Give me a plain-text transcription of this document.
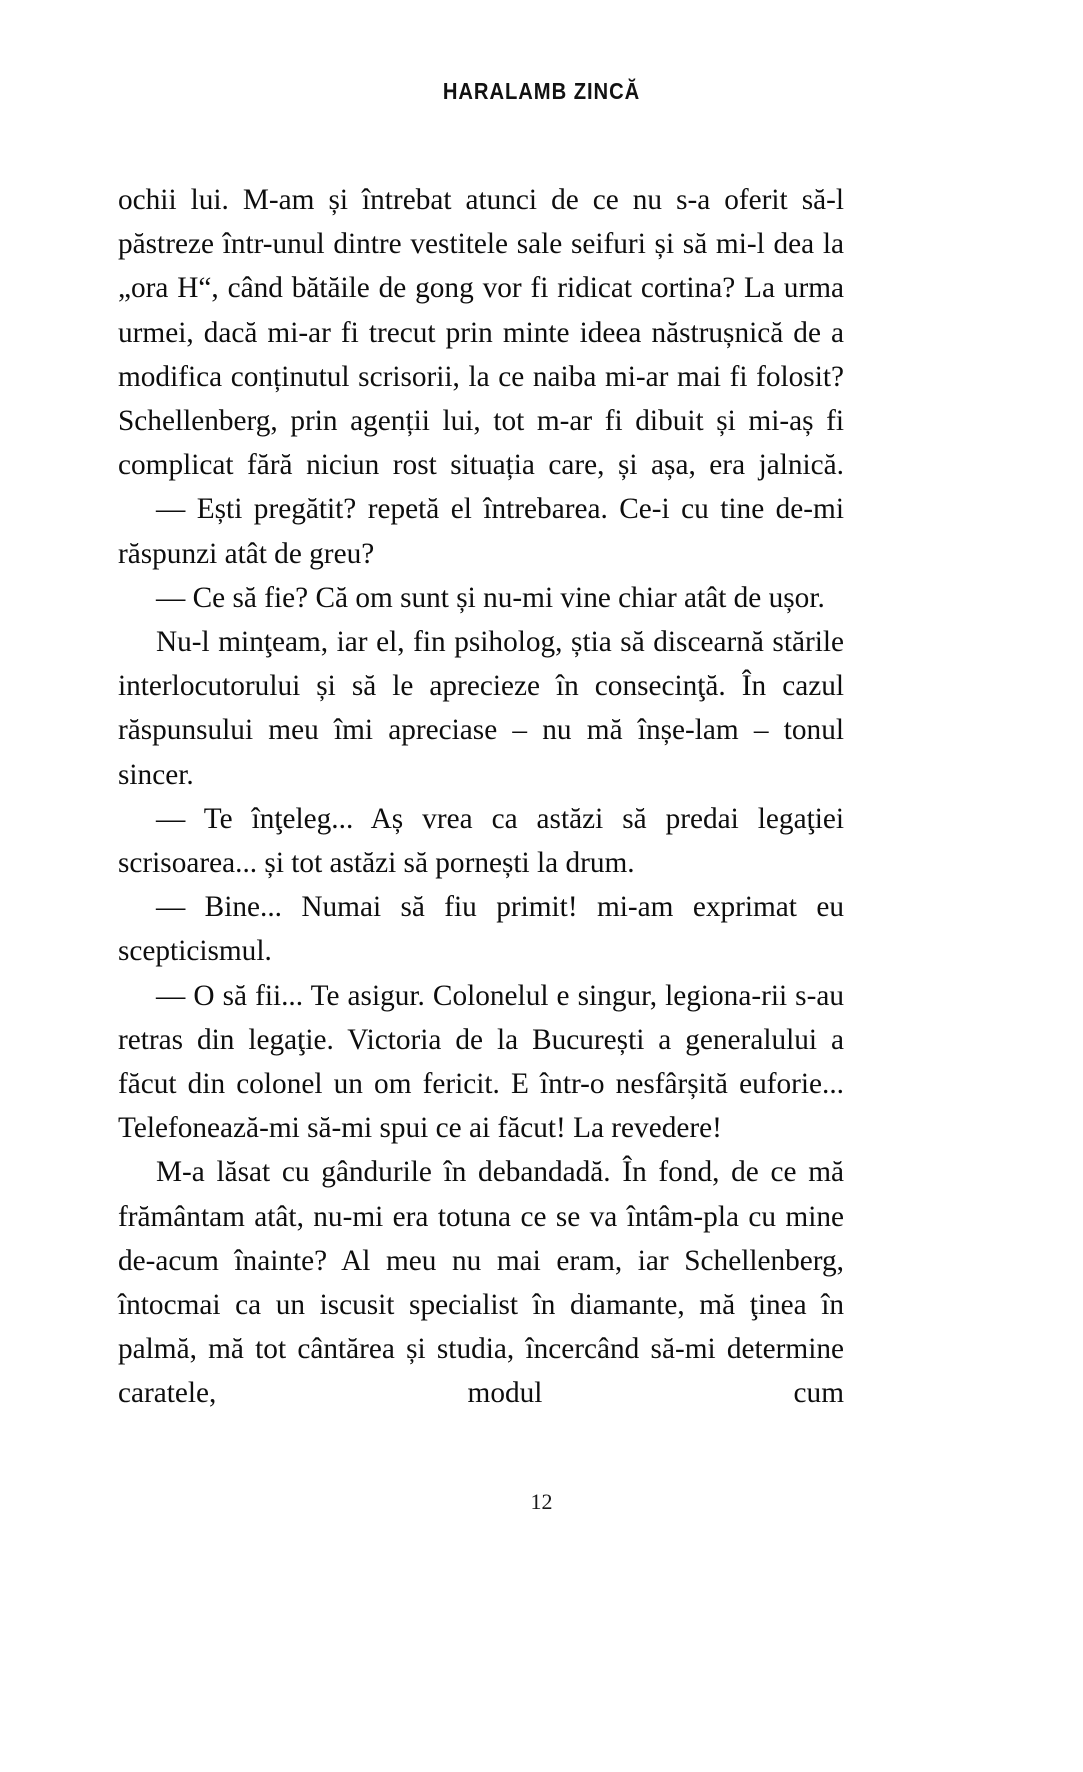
HARALAMB ZINCĂ

ochii lui. M-am și întrebat atunci de ce nu s-a oferit să-l păstreze într-unul dintre vestitele sale seifuri și să mi-l dea la „ora H“, când bătăile de gong vor fi ridicat cortina? La urma urmei, dacă mi-ar fi trecut prin minte ideea năstrușnică de a modifica conținutul scrisorii, la ce naiba mi-ar mai fi folosit? Schellenberg, prin agenții lui, tot m-ar fi dibuit și mi-aș fi complicat fără niciun rost situația care, și așa, era jalnică.

— Ești pregătit? repetă el întrebarea. Ce-i cu tine de-mi răspunzi atât de greu?

— Ce să fie? Că om sunt și nu-mi vine chiar atât de ușor.

Nu-l minţeam, iar el, fin psiholog, știa să discearnă stările interlocutorului și să le aprecieze în consecinţă. În cazul răspunsului meu îmi apreciase – nu mă înșe-lam – tonul sincer.

— Te înţeleg... Aș vrea ca astăzi să predai legaţiei scrisoarea... și tot astăzi să pornești la drum.

— Bine... Numai să fiu primit! mi-am exprimat eu scepticismul.

— O să fii... Te asigur. Colonelul e singur, legiona-rii s-au retras din legaţie. Victoria de la București a generalului a făcut din colonel un om fericit. E într-o nesfârșită euforie... Telefonează-mi să-mi spui ce ai făcut! La revedere!

M-a lăsat cu gândurile în debandadă. În fond, de ce mă frământam atât, nu-mi era totuna ce se va întâm-pla cu mine de-acum înainte? Al meu nu mai eram, iar Schellenberg, întocmai ca un iscusit specialist în diamante, mă ţinea în palmă, mă tot cântărea și studia, încercând să-mi determine caratele, modul cum

12
